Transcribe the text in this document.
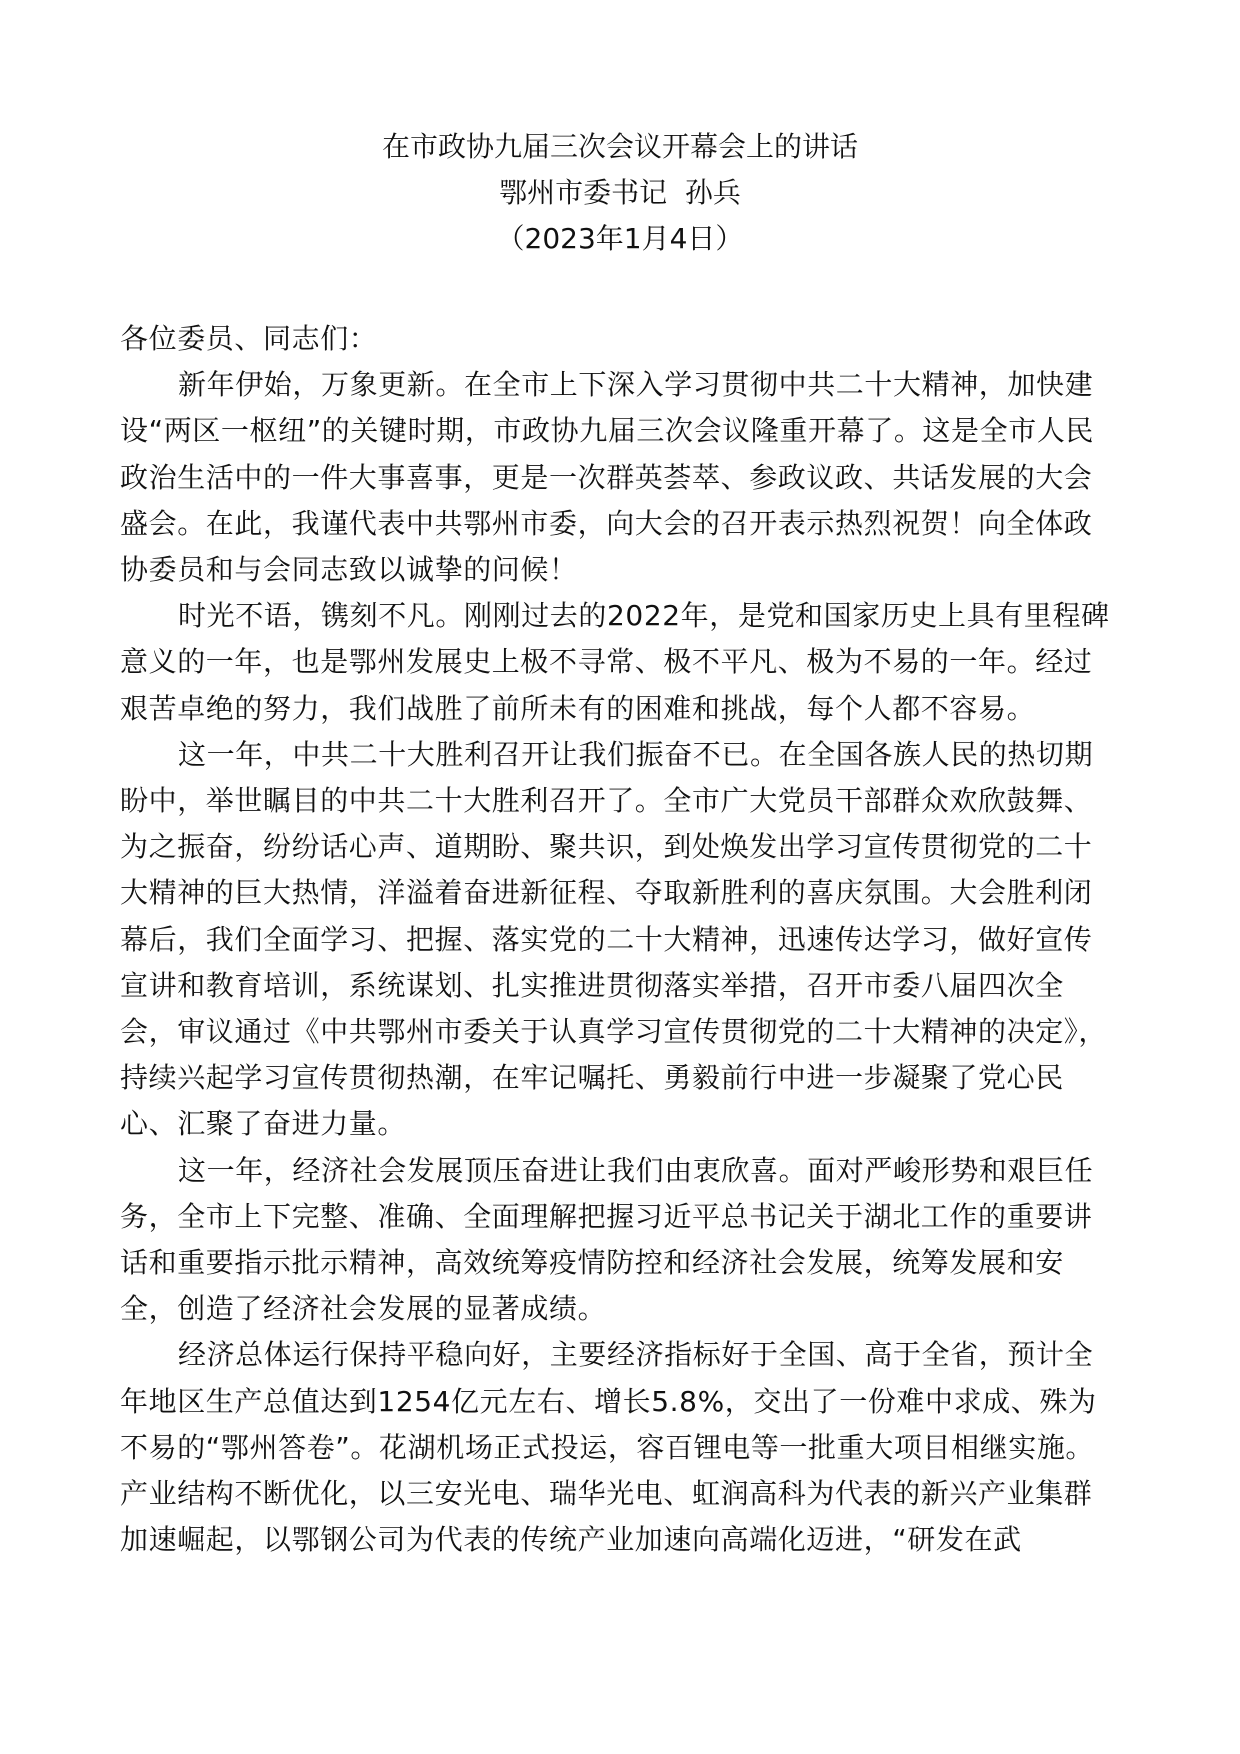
在市政协九届三次会议开幕会上的讲话
鄂州市委书记  孙兵
（2023年1月4日）

各位委员、同志们：

新年伊始，万象更新。在全市上下深入学习贯彻中共二十大精神，加快建设“两区一枢纽”的关键时期，市政协九届三次会议隆重开幕了。这是全市人民政治生活中的一件大事喜事，更是一次群英荟萃、参政议政、共话发展的大会盛会。在此，我谨代表中共鄂州市委，向大会的召开表示热烈祝贺！向全体政协委员和与会同志致以诚挚的问候！

时光不语，镌刻不凡。刚刚过去的2022年，是党和国家历史上具有里程碑意义的一年，也是鄂州发展史上极不寻常、极不平凡、极为不易的一年。经过艰苦卓绝的努力，我们战胜了前所未有的困难和挑战，每个人都不容易。

这一年，中共二十大胜利召开让我们振奋不已。在全国各族人民的热切期盼中，举世瞩目的中共二十大胜利召开了。全市广大党员干部群众欢欣鼓舞、为之振奋，纷纷话心声、道期盼、聚共识，到处焕发出学习宣传贯彻党的二十大精神的巨大热情，洋溢着奋进新征程、夺取新胜利的喜庆氛围。大会胜利闭幕后，我们全面学习、把握、落实党的二十大精神，迅速传达学习，做好宣传宣讲和教育培训，系统谋划、扎实推进贯彻落实举措，召开市委八届四次全会，审议通过《中共鄂州市委关于认真学习宣传贯彻党的二十大精神的决定》，持续兴起学习宣传贯彻热潮，在牢记嘱托、勇毅前行中进一步凝聚了党心民心、汇聚了奋进力量。

这一年，经济社会发展顶压奋进让我们由衷欣喜。面对严峻形势和艰巨任务，全市上下完整、准确、全面理解把握习近平总书记关于湖北工作的重要讲话和重要指示批示精神，高效统筹疫情防控和经济社会发展，统筹发展和安全，创造了经济社会发展的显著成绩。

经济总体运行保持平稳向好，主要经济指标好于全国、高于全省，预计全年地区生产总值达到1254亿元左右、增长5.8%，交出了一份难中求成、殊为不易的“鄂州答卷”。花湖机场正式投运，容百锂电等一批重大项目相继实施。产业结构不断优化，以三安光电、瑞华光电、虹润高科为代表的新兴产业集群加速崛起，以鄂钢公司为代表的传统产业加速向高端化迈进，“研发在武
